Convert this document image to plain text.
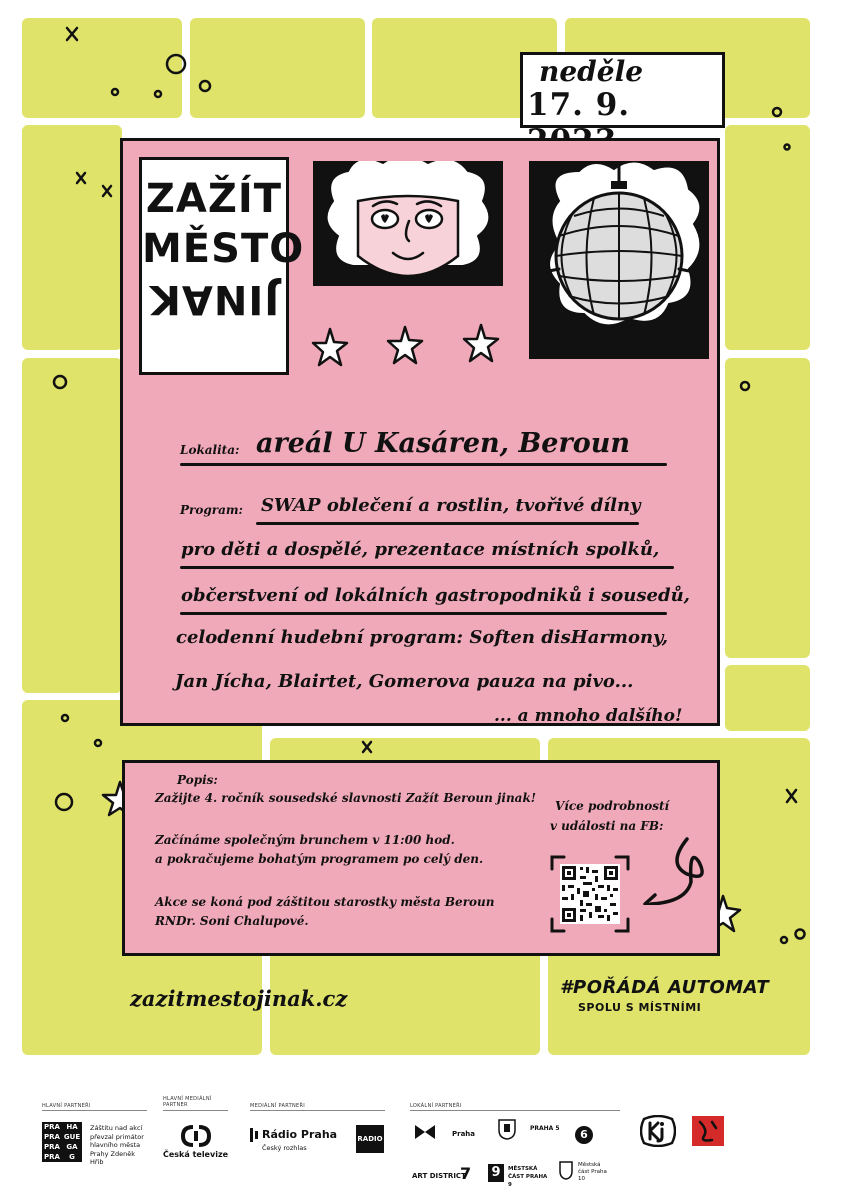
neděle
17. 9.
ZAŽÍT
MĚSTO
JINAK
Lokalita: areál U Kasáren, Beroun
Program: SWAP oblečení a rostlin, tvořivé dílny
pro děti a dospělé, prezentace místních spolků,
občerstvení od lokálních gastropodniků i sousedů,
celodenní hudební program: Soften disHarmony,
Jan Jícha, Blairtet, Gomerova pauza na pivo...
... a mnoho dalšího!
Popis:
Zažijte 4. ročník sousedské slavnosti Zažít Beroun jinak!
Začínáme společným brunchem v 11:00 hod.
a pokračujeme bohatým programem po celý den.
Akce se koná pod záštitou starostky města Beroun
RNDr. Soni Chalupové.
Více podrobností
v události na FB:
zazitmestojinak.cz	#POŘÁDÁ AUTOMAT
SPOLU S MÍSTNÍMI
HLAVNÍ PARTNEŘI
PRA HA
PRA GUE
PRA GA
PRA	G
Záštitu nad akcí převzal primátor hlavního města Prahy Zdeněk Hřib
HLAVNÍ MEDIÁLNÍ PARTNER
Česká televize
MEDIÁLNÍ PARTNEŘI
Rádio Praha
Český rozhlas
RADIO 1
LOKÁLNÍ PARTNEŘI
Praha
PRAHA 5	6
ART DISTRICT
7 9	MĚSTSKÁ ČÁST PRAHA 9
Městská část Praha 10
